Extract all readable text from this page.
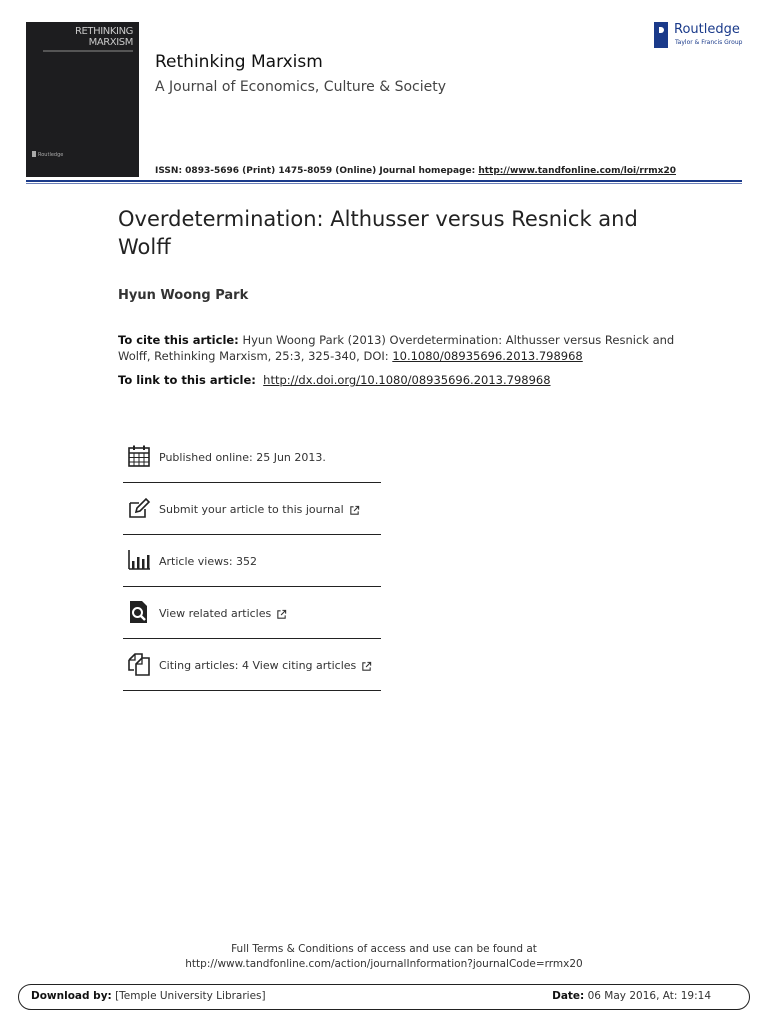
RETHINKING
MARXISM
Routledge
Rethinking Marxism
A Journal of Economics, Culture & Society
ISSN: 0893-5696 (Print) 1475-8059 (Online) Journal homepage: http://www.tandfonline.com/loi/rrmx20
Routledge
Taylor & Francis Group
Overdetermination: Althusser versus Resnick and Wolff
Hyun Woong Park
To cite this article: Hyun Woong Park (2013) Overdetermination: Althusser versus Resnick and Wolff, Rethinking Marxism, 25:3, 325-340, DOI: 10.1080/08935696.2013.798968
To link to this article: http://dx.doi.org/10.1080/08935696.2013.798968
Published online: 25 Jun 2013.
Submit your article to this journal
Article views: 352
View related articles
Citing articles: 4 View citing articles
Full Terms & Conditions of access and use can be found at
http://www.tandfonline.com/action/journalInformation?journalCode=rrmx20
Download by: [Temple University Libraries]	Date: 06 May 2016, At: 19:14
